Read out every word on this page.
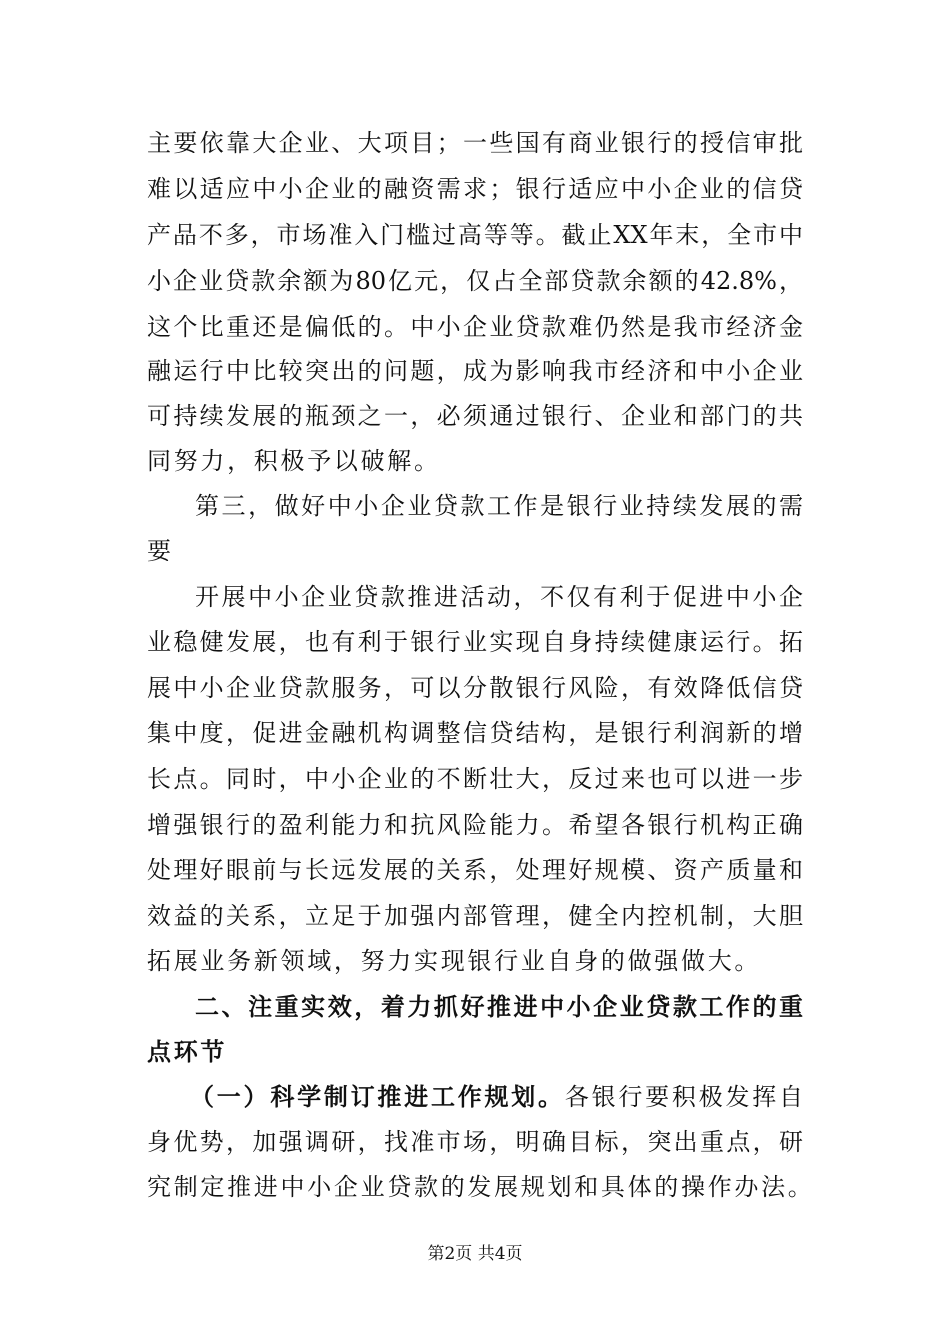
主要依靠大企业、大项目；一些国有商业银行的授信审批
难以适应中小企业的融资需求；银行适应中小企业的信贷
产品不多，市场准入门槛过高等等。截止XX年末，全市中
小企业贷款余额为80亿元，仅占全部贷款余额的42.8%，
这个比重还是偏低的。中小企业贷款难仍然是我市经济金
融运行中比较突出的问题，成为影响我市经济和中小企业
可持续发展的瓶颈之一，必须通过银行、企业和部门的共
同努力，积极予以破解。
第三，做好中小企业贷款工作是银行业持续发展的需
要
开展中小企业贷款推进活动，不仅有利于促进中小企
业稳健发展，也有利于银行业实现自身持续健康运行。拓
展中小企业贷款服务，可以分散银行风险，有效降低信贷
集中度，促进金融机构调整信贷结构，是银行利润新的增
长点。同时，中小企业的不断壮大，反过来也可以进一步
增强银行的盈利能力和抗风险能力。希望各银行机构正确
处理好眼前与长远发展的关系，处理好规模、资产质量和
效益的关系，立足于加强内部管理，健全内控机制，大胆
拓展业务新领域，努力实现银行业自身的做强做大。
二、注重实效，着力抓好推进中小企业贷款工作的重
点环节
（一）科学制订推进工作规划。各银行要积极发挥自
身优势，加强调研，找准市场，明确目标，突出重点，研
究制定推进中小企业贷款的发展规划和具体的操作办法。
第2页 共4页
